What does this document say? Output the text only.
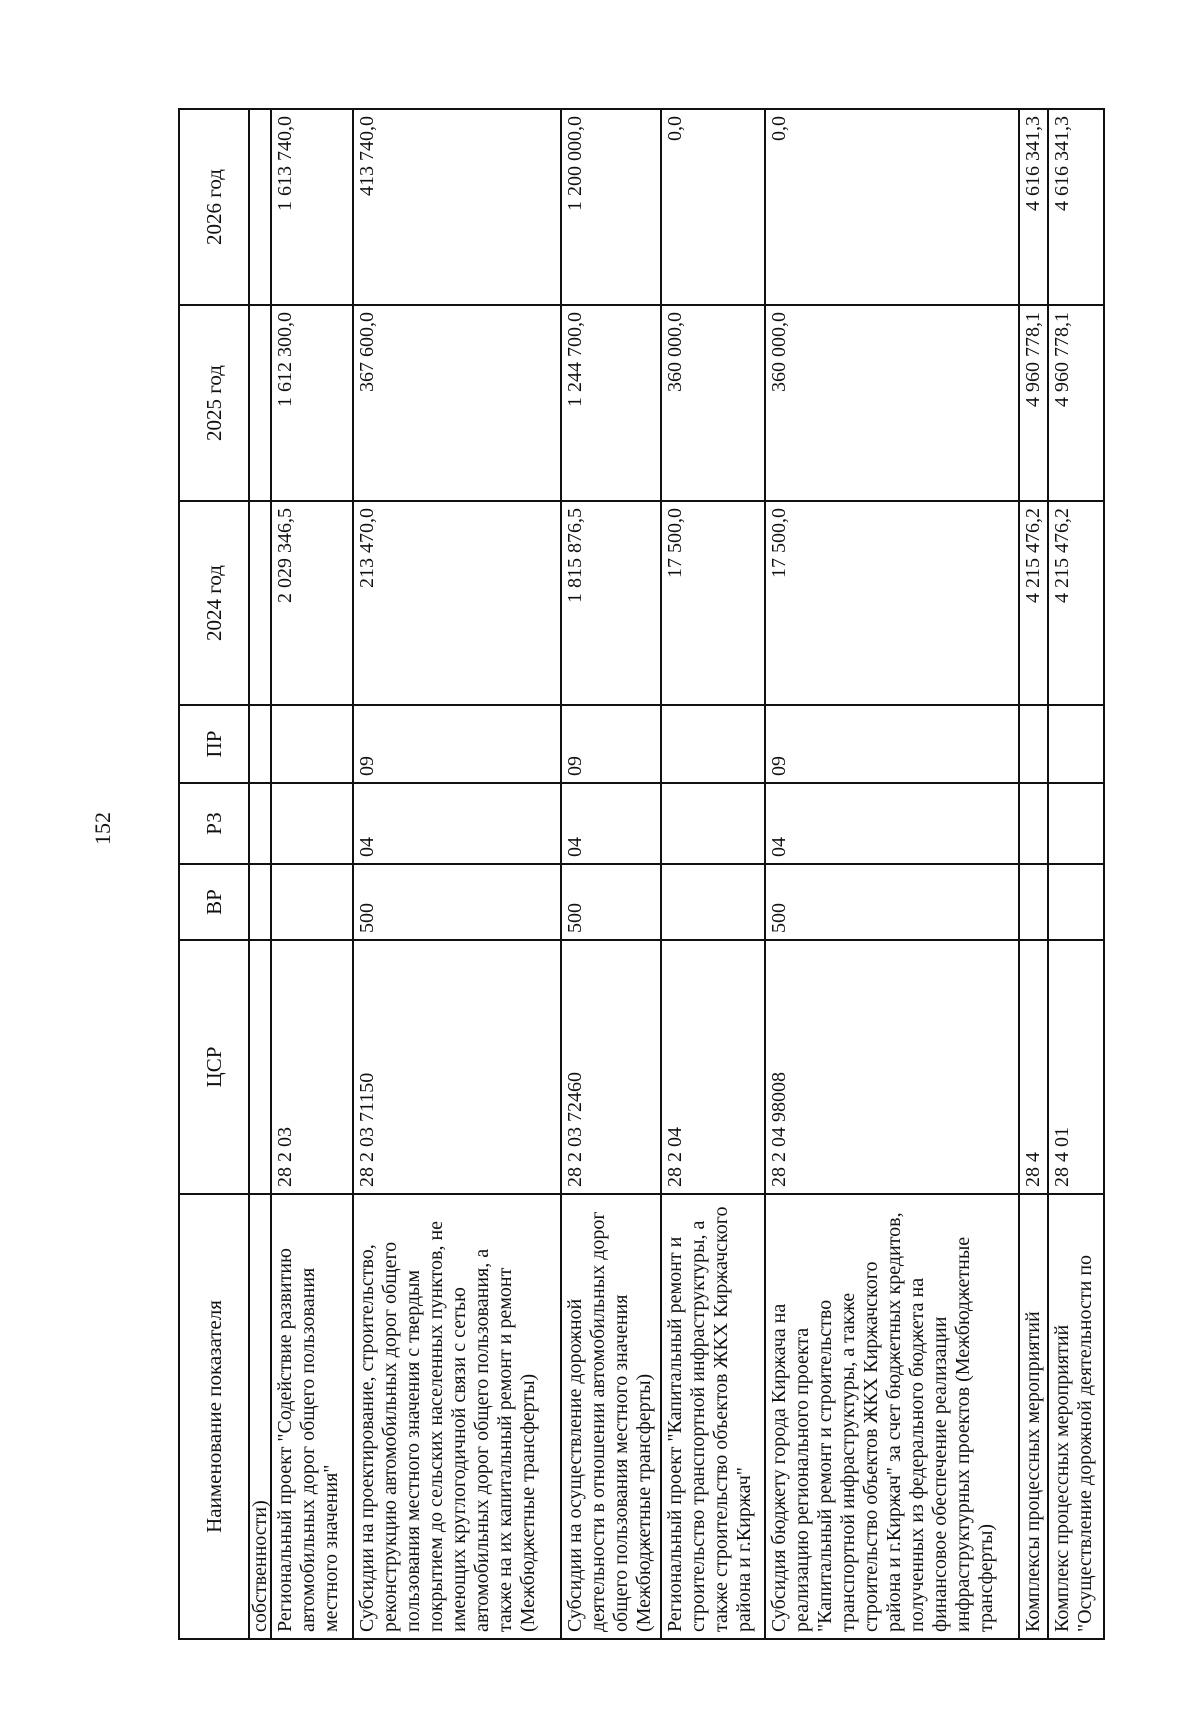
152
Наименование показателя	ЦСР	ВР	РЗ	ПР	2024 год	2025 год	2026 год
собственности)							
Региональный проект "Содействие развитию автомобильных дорог общего пользования местного значения"	28 2 03				2 029 346,5	1 612 300,0	1 613 740,0
Субсидии на проектирование, строительство, реконструкцию автомобильных дорог общего пользования местного значения с твердым покрытием до сельских населенных пунктов, не имеющих круглогодичной связи с сетью автомобильных дорог общего пользования, а также на их капитальный ремонт и ремонт (Межбюджетные трансферты)	28 2 03 71150	500	04	09	213 470,0	367 600,0	413 740,0
Субсидии на осуществление дорожной деятельности в отношении автомобильных дорог общего пользования местного значения (Межбюджетные трансферты)	28 2 03 72460	500	04	09	1 815 876,5	1 244 700,0	1 200 000,0
Региональный проект "Капитальный ремонт и строительство транспортной инфраструктуры, а также строительство объектов ЖКХ Киржачского района и г.Киржач"	28 2 04				17 500,0	360 000,0	0,0
Субсидия бюджету города Киржача на реализацию регионального проекта "Капитальный ремонт и строительство транспортной инфраструктуры, а также строительство объектов ЖКХ Киржачского района и г.Киржач" за счет бюджетных кредитов, полученных из федерального бюджета на финансовое обеспечение реализации инфраструктурных проектов (Межбюджетные трансферты)	28 2 04 98008	500	04	09	17 500,0	360 000,0	0,0
Комплексы процессных мероприятий	28 4				4 215 476,2	4 960 778,1	4 616 341,3
Комплекс процессных мероприятий "Осуществление дорожной деятельности по	28 4 01				4 215 476,2	4 960 778,1	4 616 341,3
